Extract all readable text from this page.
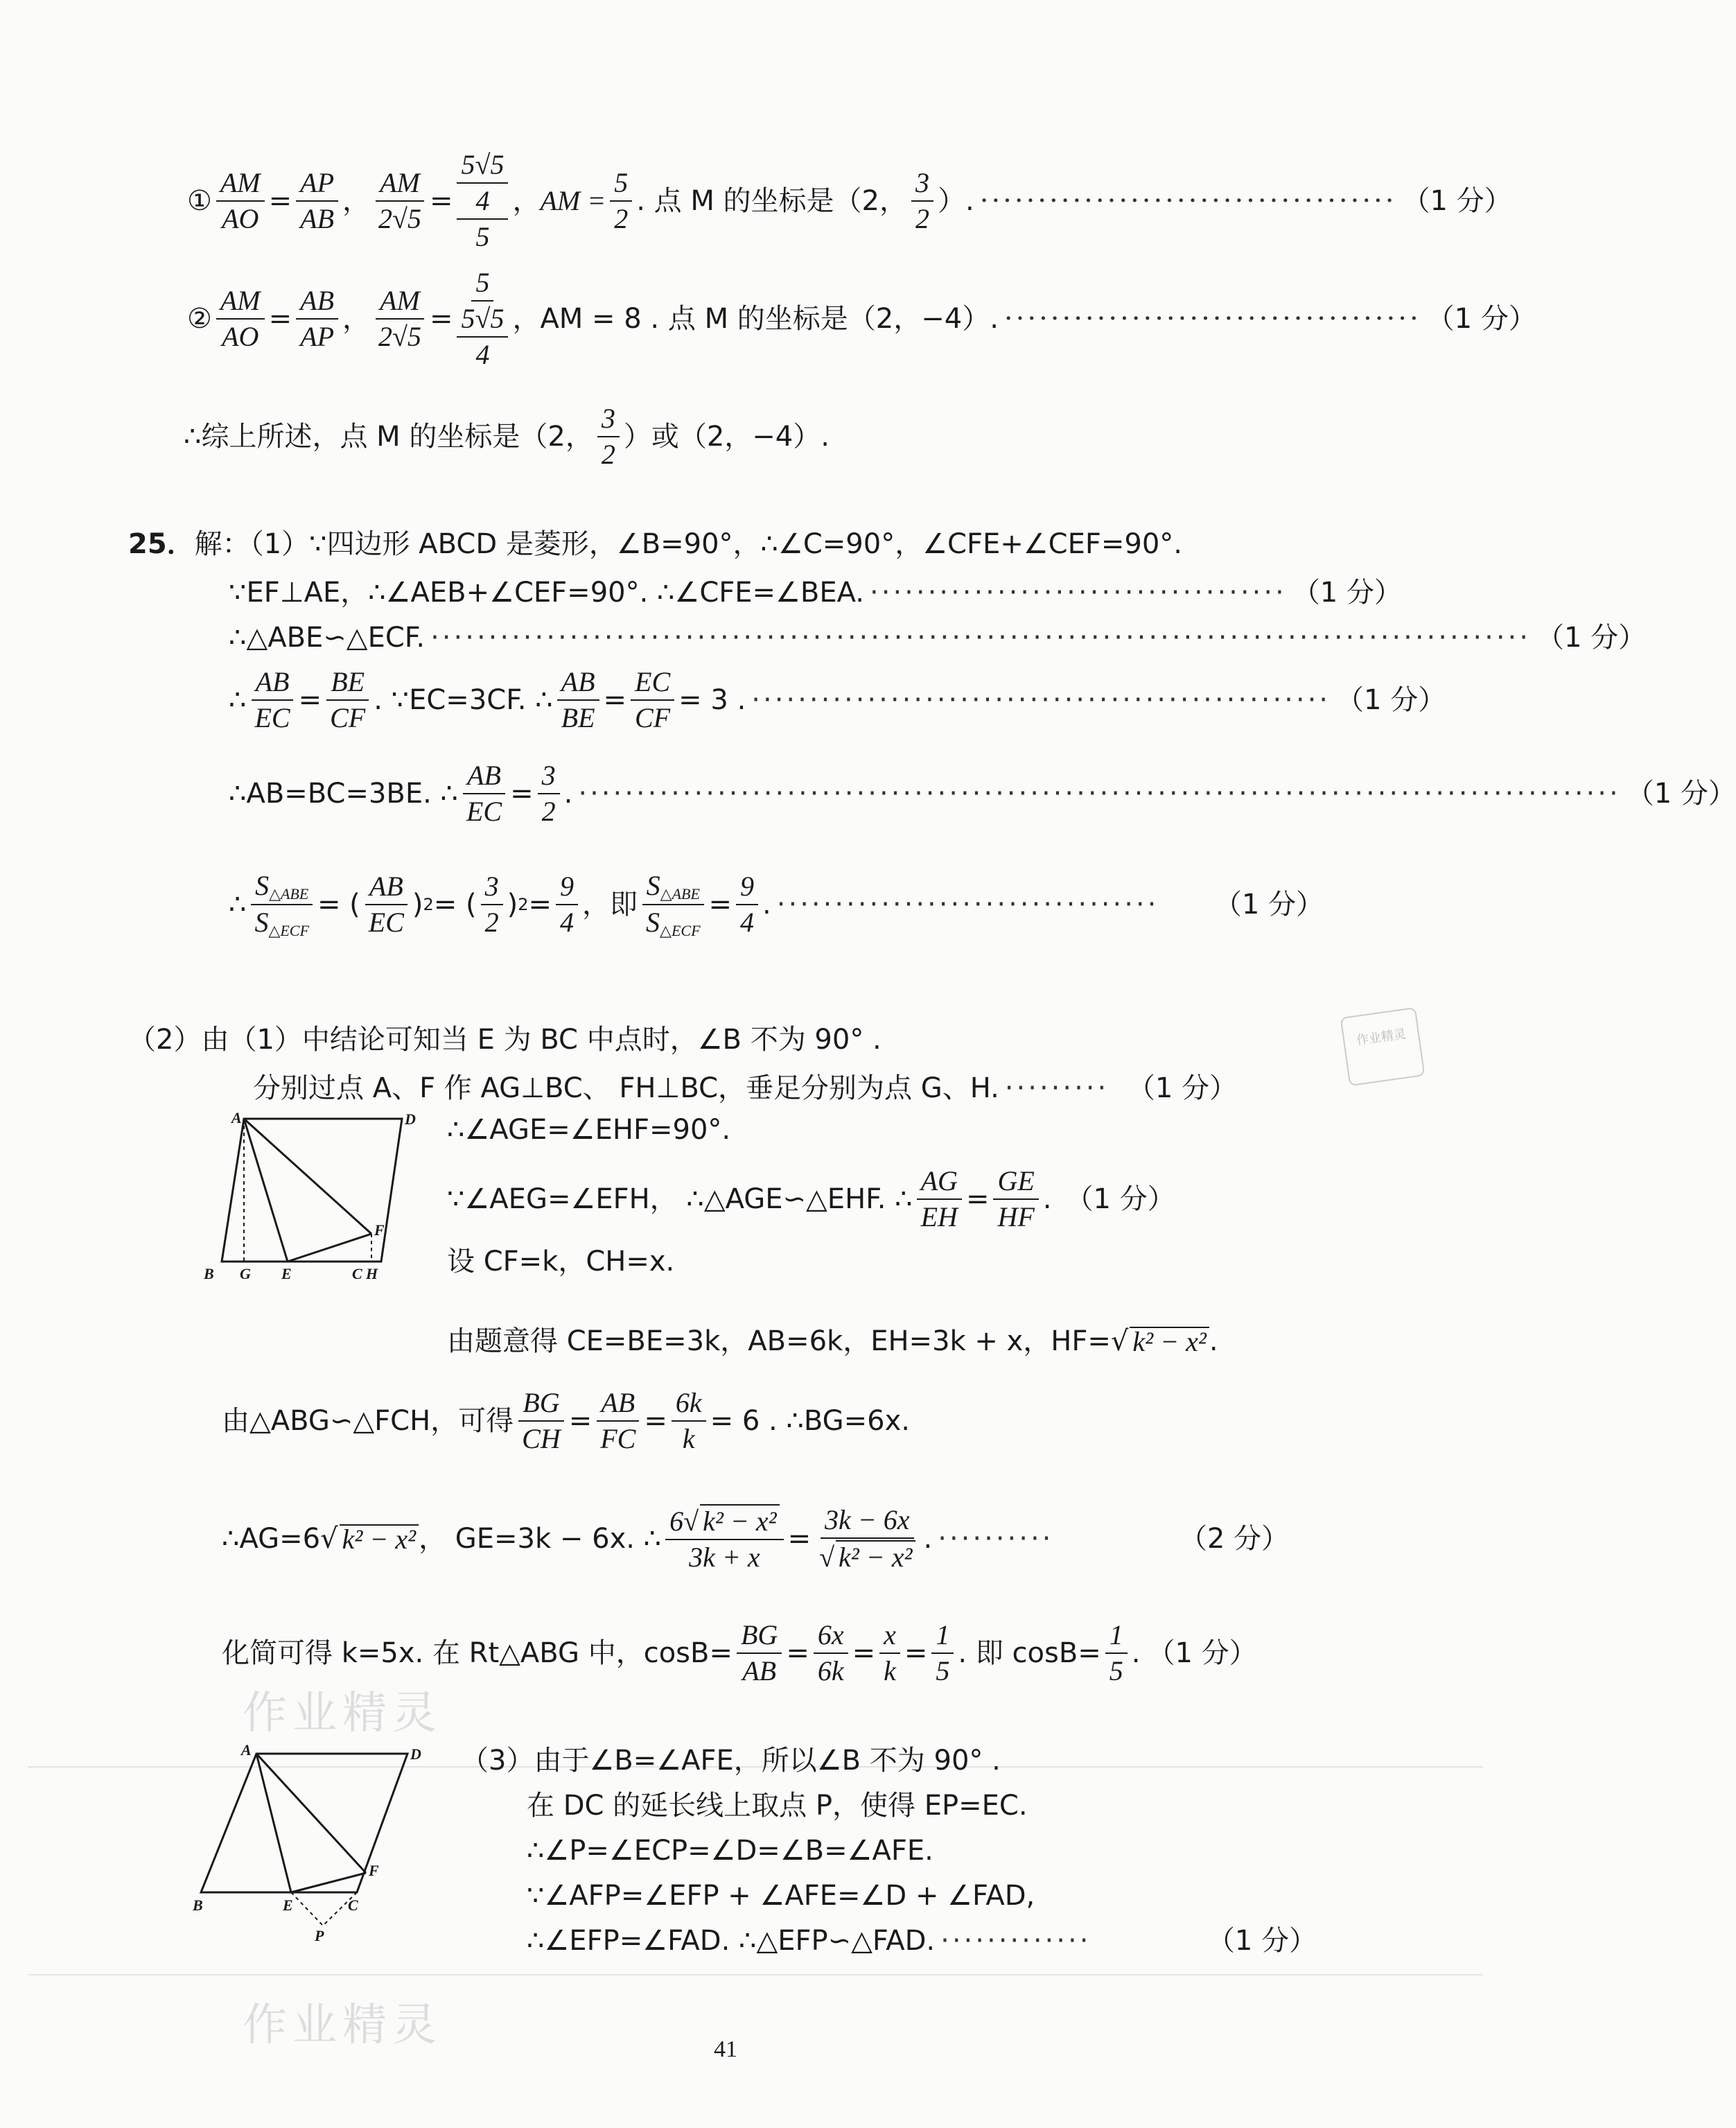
① $\frac{AM}{AO} = \frac{AP}{AB}$ ， $\frac{AM}{2√5} = \frac{\frac{5√5}{4}}{5}$ ， AM = $\frac{5}{2}$ . 点 M 的坐标是（2， $\frac{3}{2}$ ）. ···································· （1 分）
② $\frac{AM}{AO} = \frac{AB}{AP}$ ， $\frac{AM}{2√5} = \frac{5}{\frac{5√5}{4}}$ ， AM = 8 . 点 M 的坐标是（2，−4）. ···································· （1 分）
∴综上所述，点 M 的坐标是（2， $\frac{3}{2}$ ）或（2，−4）.
25． 解：（1）∵四边形 ABCD 是菱形，∠B=90°，∴∠C=90°，∠CFE+∠CEF=90°.
∵EF⊥AE，∴∠AEB+∠CEF=90°. ∴∠CFE=∠BEA. ···································· （1 分）
∴△ABE∽△ECF. ······························································································· （1 分）
∴ $\frac{AB}{EC} = \frac{BE}{CF}$ . ∵EC=3CF. ∴ $\frac{AB}{BE} = \frac{EC}{CF} = 3$ . ·················································· （1 分）
∴AB=BC=3BE. ∴ $\frac{AB}{EC} = \frac{3}{2}$ . ·························································································· （1 分）
∴ $\frac{S_{\triangle ABE}}{S_{\triangle ECF}}$ = ( $\frac{AB}{EC}$ ) 2 = ( $\frac{3}{2}$ ) $2 = \frac{9}{4}$ ，即 $\frac{S_{\triangle ABE}}{S_{\triangle ECF}} = \frac{9}{4}$ . ·································	（1 分）
（2）由（1）中结论可知当 E 为 BC 中点时，∠B 不为 90° .
分别过点 A、F 作 AG⊥BC、 FH⊥BC，垂足分别为点 G、H. ········· （1 分）
A	D
B G E	C H
F
∴∠AGE=∠EHF=90°.
∵∠AEG=∠EFH， ∴△AGE∽△EHF. ∴ $\frac{AG}{EH} = \frac{GE}{HF}$ . （1 分）
设 CF=k，CH=x.
由题意得 CE=BE=3k，AB=6k，EH=3k + x，HF= √ k² − x² .
由△ABG∽△FCH，可得 $\frac{BG}{CH} = \frac{AB}{FC} = \frac{6k}{k} = 6$ . ∴BG=6x.
∴AG=6 √ k² − x² ， GE=3k − 6x. ∴ $\frac{\text{6√ k² − x²}}{3k + x} = \frac{3k - 6x}{\text{√ k² − x²}}$ . ··········	（2 分）
化简可得 k=5x. 在 Rt△ABG 中，$\cos B= \frac{BG}{AB} = \frac{6x}{6k} = \frac{x}{k} = \frac{1}{5}$ . 即 $\cos B= \frac{1}{5}$ . （1 分）
作业精灵
作业精灵
作业精灵
A	D
B	E	C
F
P
（3）由于∠B=∠AFE，所以∠B 不为 90° .
在 DC 的延长线上取点 P，使得 EP=EC.
∴∠P=∠ECP=∠D=∠B=∠AFE.
∵∠AFP=∠EFP + ∠AFE=∠D + ∠FAD,
∴∠EFP=∠FAD. ∴△EFP∽△FAD. ·············	（1 分）
41
